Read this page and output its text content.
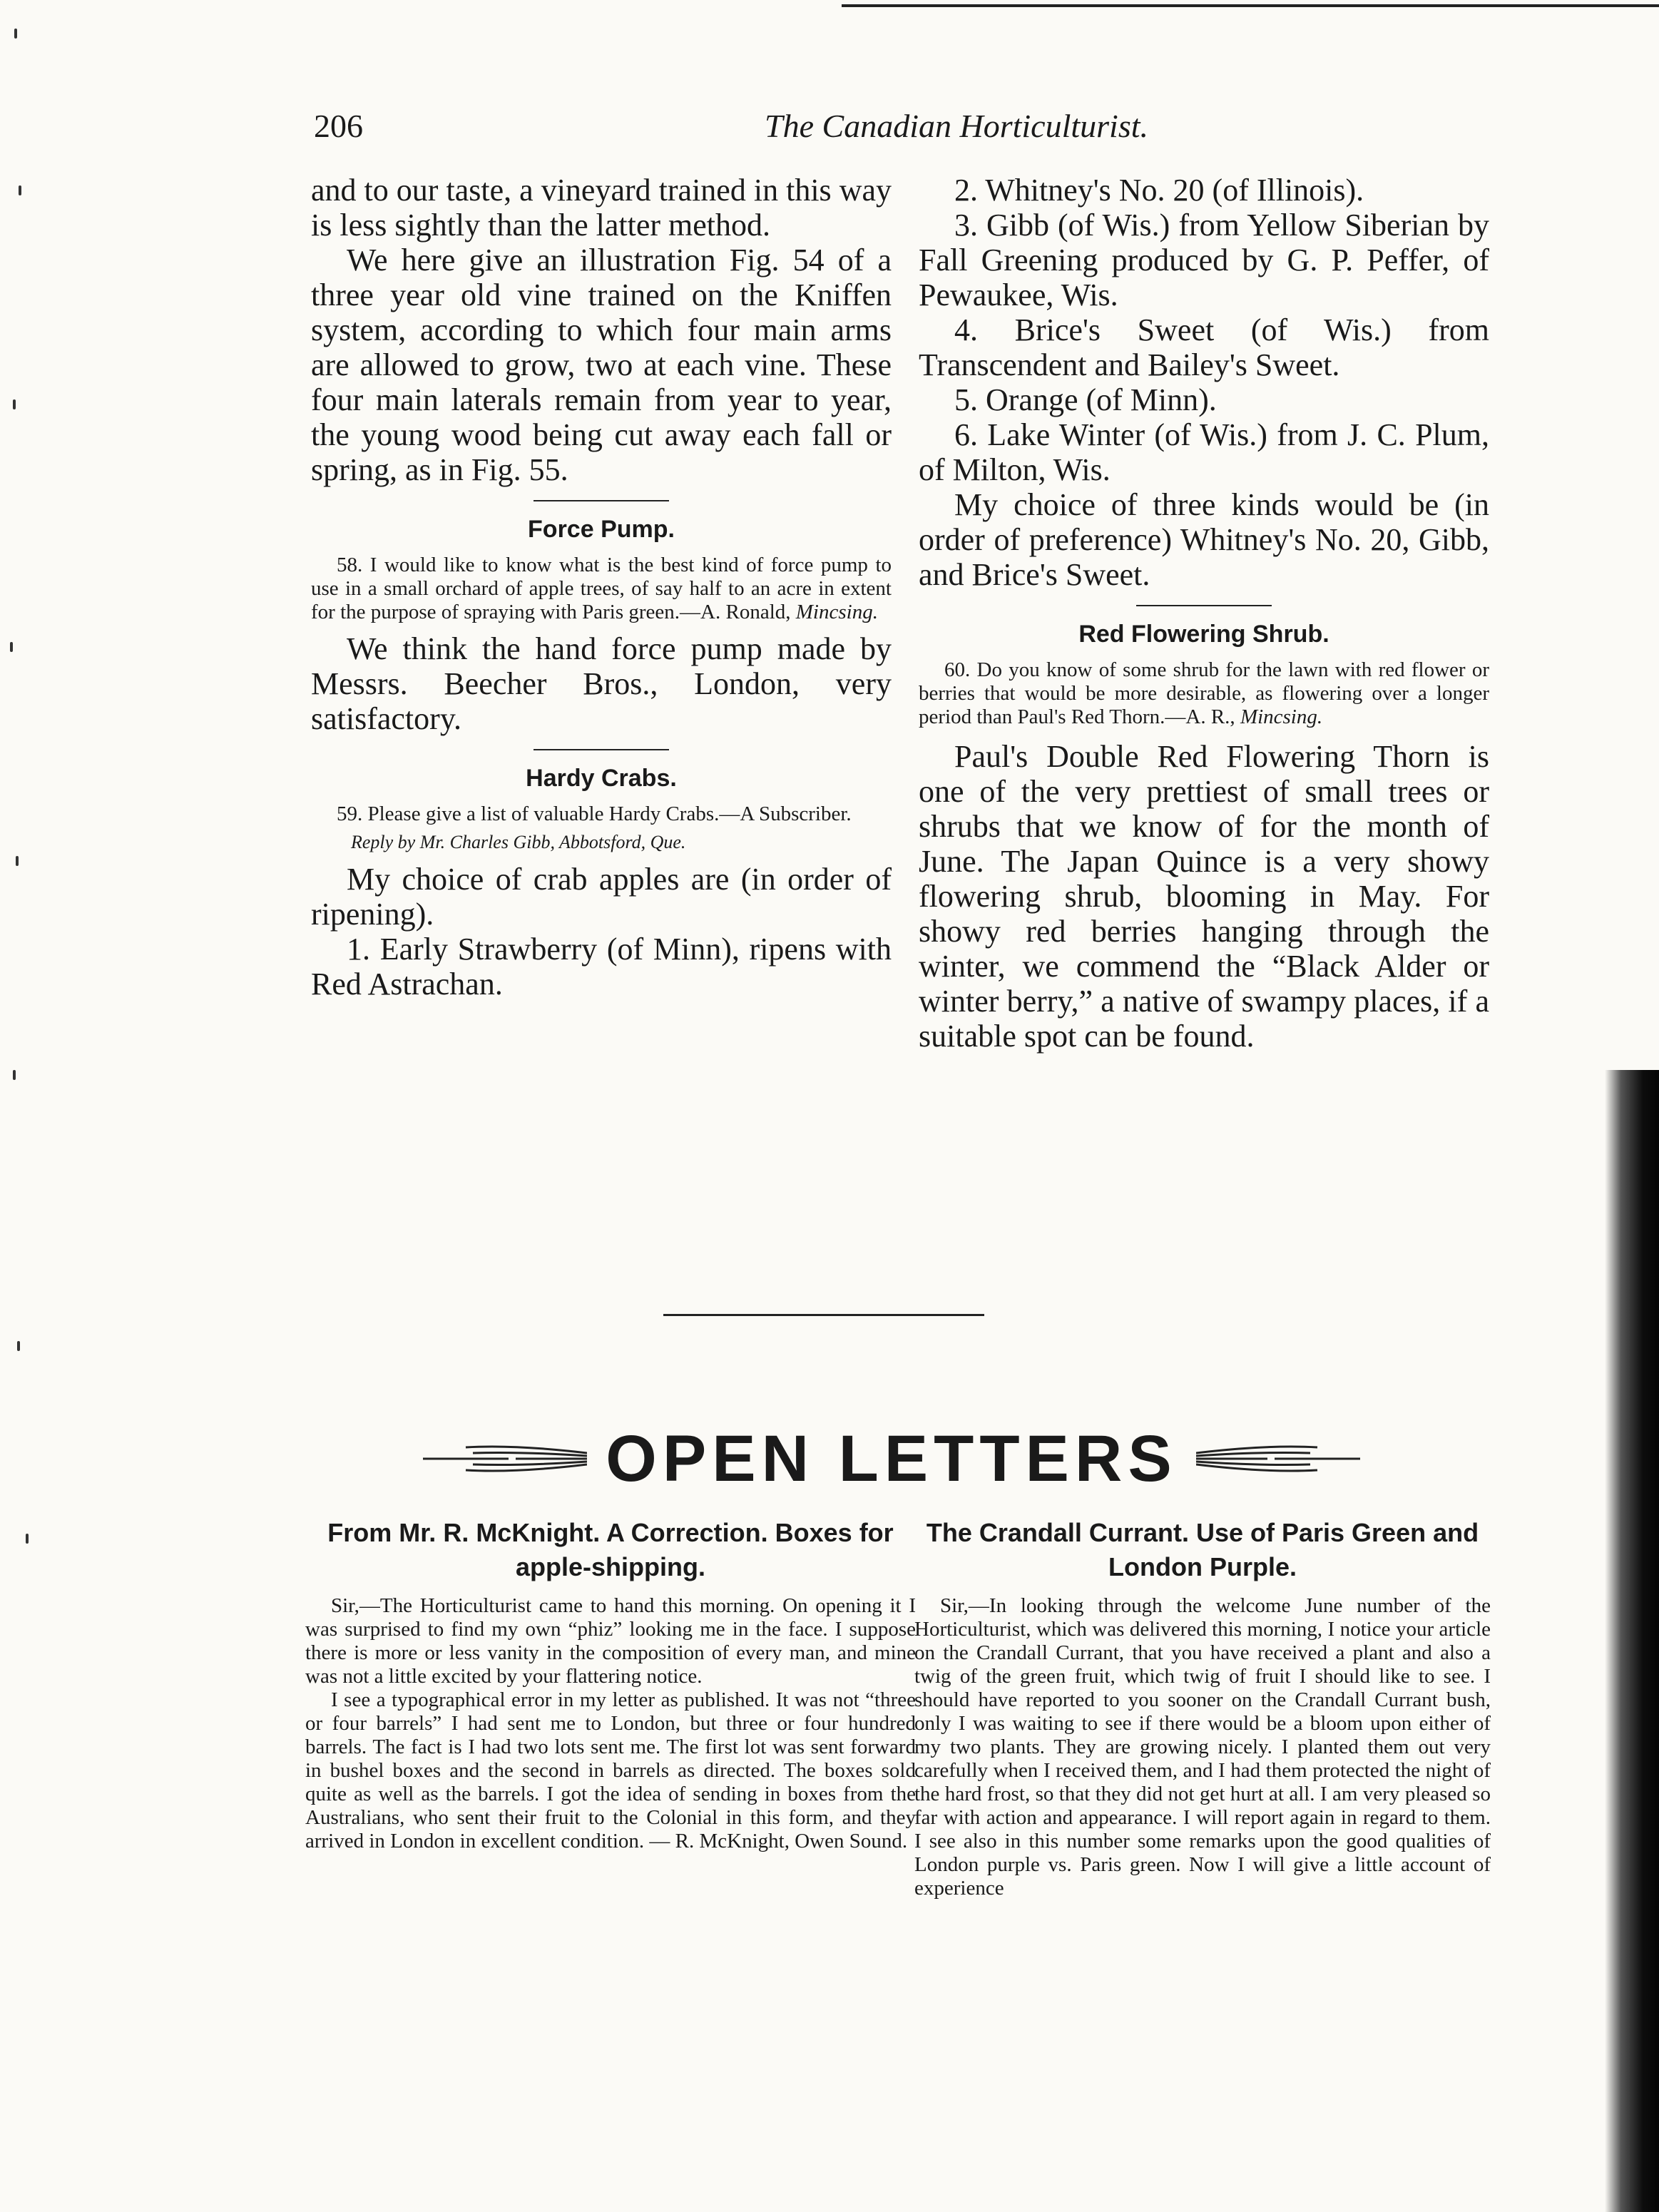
206	The Canadian Horticulturist.

and to our taste, a vineyard trained in this way is less sightly than the latter method.

We here give an illustration Fig. 54 of a three year old vine trained on the Kniffen system, according to which four main arms are allowed to grow, two at each vine. These four main laterals remain from year to year, the young wood being cut away each fall or spring, as in Fig. 55.

Force Pump.

58. I would like to know what is the best kind of force pump to use in a small orchard of apple trees, of say half to an acre in extent for the purpose of spraying with Paris green.—A. Ronald, Mincsing.

We think the hand force pump made by Messrs. Beecher Bros., London, very satisfactory.

Hardy Crabs.

59. Please give a list of valuable Hardy Crabs.—A Subscriber.

Reply by Mr. Charles Gibb, Abbotsford, Que.

My choice of crab apples are (in order of ripening).

1. Early Strawberry (of Minn), ripens with Red Astrachan.

2. Whitney's No. 20 (of Illinois).

3. Gibb (of Wis.) from Yellow Siberian by Fall Greening produced by G. P. Peffer, of Pewaukee, Wis.

4. Brice's Sweet (of Wis.) from Transcendent and Bailey's Sweet.

5. Orange (of Minn).

6. Lake Winter (of Wis.) from J. C. Plum, of Milton, Wis.

My choice of three kinds would be (in order of preference) Whitney's No. 20, Gibb, and Brice's Sweet.

Red Flowering Shrub.

60. Do you know of some shrub for the lawn with red flower or berries that would be more desirable, as flowering over a longer period than Paul's Red Thorn.—A. R., Mincsing.

Paul's Double Red Flowering Thorn is one of the very prettiest of small trees or shrubs that we know of for the month of June. The Japan Quince is a very showy flowering shrub, blooming in May. For showy red berries hanging through the winter, we commend the “Black Alder or winter berry,” a native of swampy places, if a suitable spot can be found.

OPEN LETTERS
From Mr. R. McKnight. A Correction. Boxes for apple-shipping.

Sir,—The Horticulturist came to hand this morning. On opening it I was surprised to find my own “phiz” looking me in the face. I suppose there is more or less vanity in the composition of every man, and mine was not a little excited by your flattering notice.

I see a typographical error in my letter as published. It was not “three or four barrels” I had sent me to London, but three or four hundred barrels. The fact is I had two lots sent me. The first lot was sent forward in bushel boxes and the second in barrels as directed. The boxes sold quite as well as the barrels. I got the idea of sending in boxes from the Australians, who sent their fruit to the Colonial in this form, and they arrived in London in excellent condition. — R. McKnight, Owen Sound.

The Crandall Currant. Use of Paris Green and London Purple.

Sir,—In looking through the welcome June number of the Horticulturist, which was delivered this morning, I notice your article on the Crandall Currant, that you have received a plant and also a twig of the green fruit, which twig of fruit I should like to see. I should have reported to you sooner on the Crandall Currant bush, only I was waiting to see if there would be a bloom upon either of my two plants. They are growing nicely. I planted them out very carefully when I received them, and I had them protected the night of the hard frost, so that they did not get hurt at all. I am very pleased so far with action and appearance. I will report again in regard to them. I see also in this number some remarks upon the good qualities of London purple vs. Paris green. Now I will give a little account of experience
